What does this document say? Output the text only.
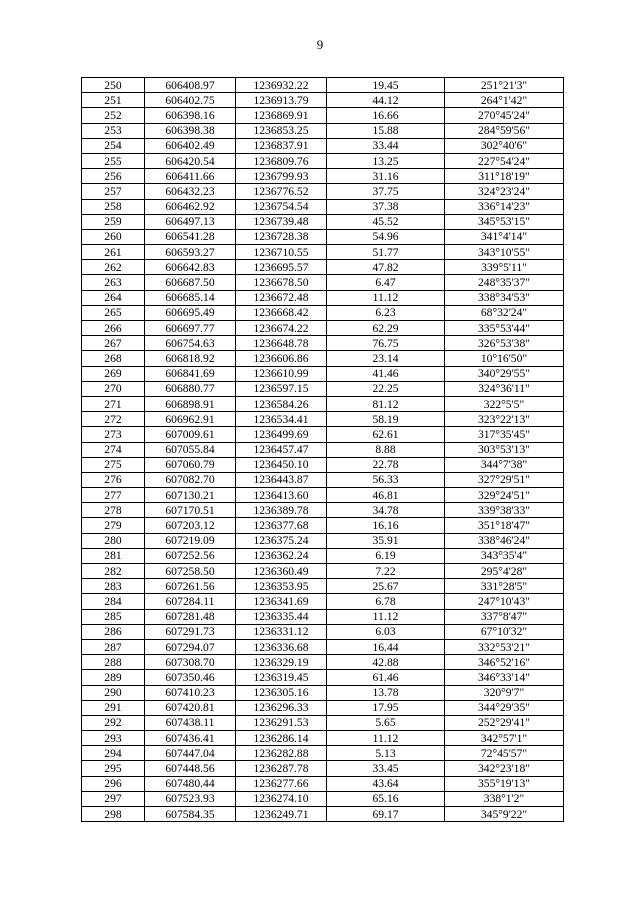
9
250	606408.97	1236932.22	19.45	251°21'3"
251	606402.75	1236913.79	44.12	264°1'42"
252	606398.16	1236869.91	16.66	270°45'24"
253	606398.38	1236853.25	15.88	284°59'56"
254	606402.49	1236837.91	33.44	302°40'6"
255	606420.54	1236809.76	13.25	227°54'24"
256	606411.66	1236799.93	31.16	311°18'19"
257	606432.23	1236776.52	37.75	324°23'24"
258	606462.92	1236754.54	37.38	336°14'23"
259	606497.13	1236739.48	45.52	345°53'15"
260	606541.28	1236728.38	54.96	341°4'14"
261	606593.27	1236710.55	51.77	343°10'55"
262	606642.83	1236695.57	47.82	339°5'11"
263	606687.50	1236678.50	6.47	248°35'37"
264	606685.14	1236672.48	11.12	338°34'53"
265	606695.49	1236668.42	6.23	68°32'24"
266	606697.77	1236674.22	62.29	335°53'44"
267	606754.63	1236648.78	76.75	326°53'38"
268	606818.92	1236606.86	23.14	10°16'50"
269	606841.69	1236610.99	41.46	340°29'55"
270	606880.77	1236597.15	22.25	324°36'11"
271	606898.91	1236584.26	81.12	322°5'5"
272	606962.91	1236534.41	58.19	323°22'13"
273	607009.61	1236499.69	62.61	317°35'45"
274	607055.84	1236457.47	8.88	303°53'13"
275	607060.79	1236450.10	22.78	344°7'38"
276	607082.70	1236443.87	56.33	327°29'51"
277	607130.21	1236413.60	46.81	329°24'51"
278	607170.51	1236389.78	34.78	339°38'33"
279	607203.12	1236377.68	16.16	351°18'47"
280	607219.09	1236375.24	35.91	338°46'24"
281	607252.56	1236362.24	6.19	343°35'4"
282	607258.50	1236360.49	7.22	295°4'28"
283	607261.56	1236353.95	25.67	331°28'5"
284	607284.11	1236341.69	6.78	247°10'43"
285	607281.48	1236335.44	11.12	337°8'47"
286	607291.73	1236331.12	6.03	67°10'32"
287	607294.07	1236336.68	16.44	332°53'21"
288	607308.70	1236329.19	42.88	346°52'16"
289	607350.46	1236319.45	61.46	346°33'14"
290	607410.23	1236305.16	13.78	320°9'7"
291	607420.81	1236296.33	17.95	344°29'35"
292	607438.11	1236291.53	5.65	252°29'41"
293	607436.41	1236286.14	11.12	342°57'1"
294	607447.04	1236282.88	5.13	72°45'57"
295	607448.56	1236287.78	33.45	342°23'18"
296	607480.44	1236277.66	43.64	355°19'13"
297	607523.93	1236274.10	65.16	338°1'2"
298	607584.35	1236249.71	69.17	345°9'22"
